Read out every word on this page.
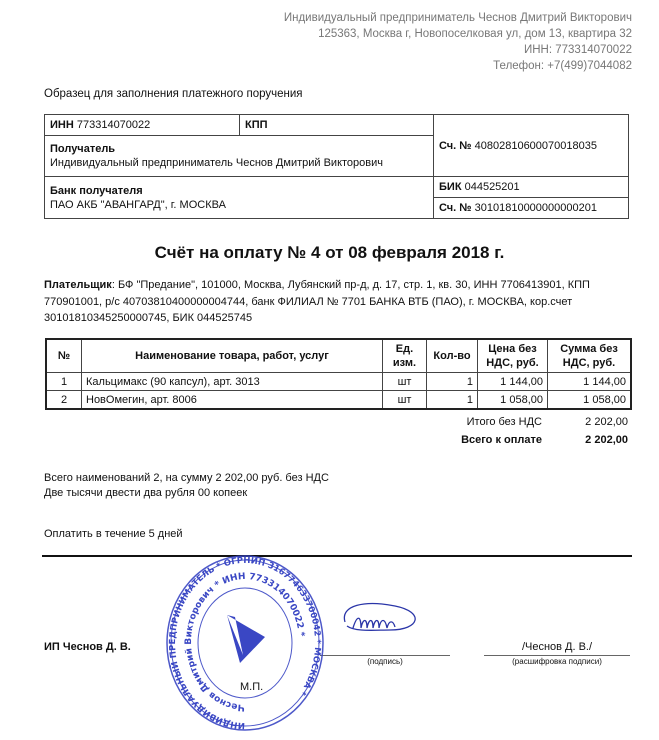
Индивидуальный предприниматель Чеснов Дмитрий Викторович
125363, Москва г, Новопоселковая ул, дом 13, квартира 32
ИНН: 773314070022
Телефон: +7(499)7044082
Образец для заполнения платежного поручения
ИНН 773314070022	КПП	Сч. № 40802810600070018035
Получатель
Индивидуальный предприниматель Чеснов Дмитрий Викторович		
Банк получателя
ПАО АКБ "АВАНГАРД", г. МОСКВА		БИК 044525201
		Сч. № 30101810000000000201
Счёт на оплату № 4 от 08 февраля 2018 г.
Плательщик: БФ "Предание", 101000, Москва, Лубянский пр-д, д. 17, стр. 1, кв. 30, ИНН 7706413901, КПП 770901001, р/с 40703810400000004744, банк ФИЛИАЛ № 7701 БАНКА ВТБ (ПАО), г. МОСКВА, кор.счет 30101810345250000745, БИК 044525745
№	Наименование товара, работ, услуг	Ед. изм.	Кол-во	Цена без НДС, руб.	Сумма без НДС, руб.
1	Кальцимакс (90 капсул), арт. 3013	шт	1	1 144,00	1 144,00
2	НовОмегин, арт. 8006	шт	1	1 058,00	1 058,00
Итого без НДС	2 202,00
Всего к оплате	2 202,00
Всего наименований 2, на сумму 2 202,00 руб. без НДС
Две тысячи двести два рубля 00 копеек
Оплатить в течение 5 дней
ИП Чеснов Д. В.
(подпись)
/Чеснов Д. В./
(расшифровка подписи)
ИНДИВИДУАЛЬНЫЙ ПРЕДПРИНИМАТЕЛЬ * ОГРНИП 316774633700042 * МОСКВА *
Чеснов Дмитрий Викторович * ИНН 773314070022 *
М.П.
